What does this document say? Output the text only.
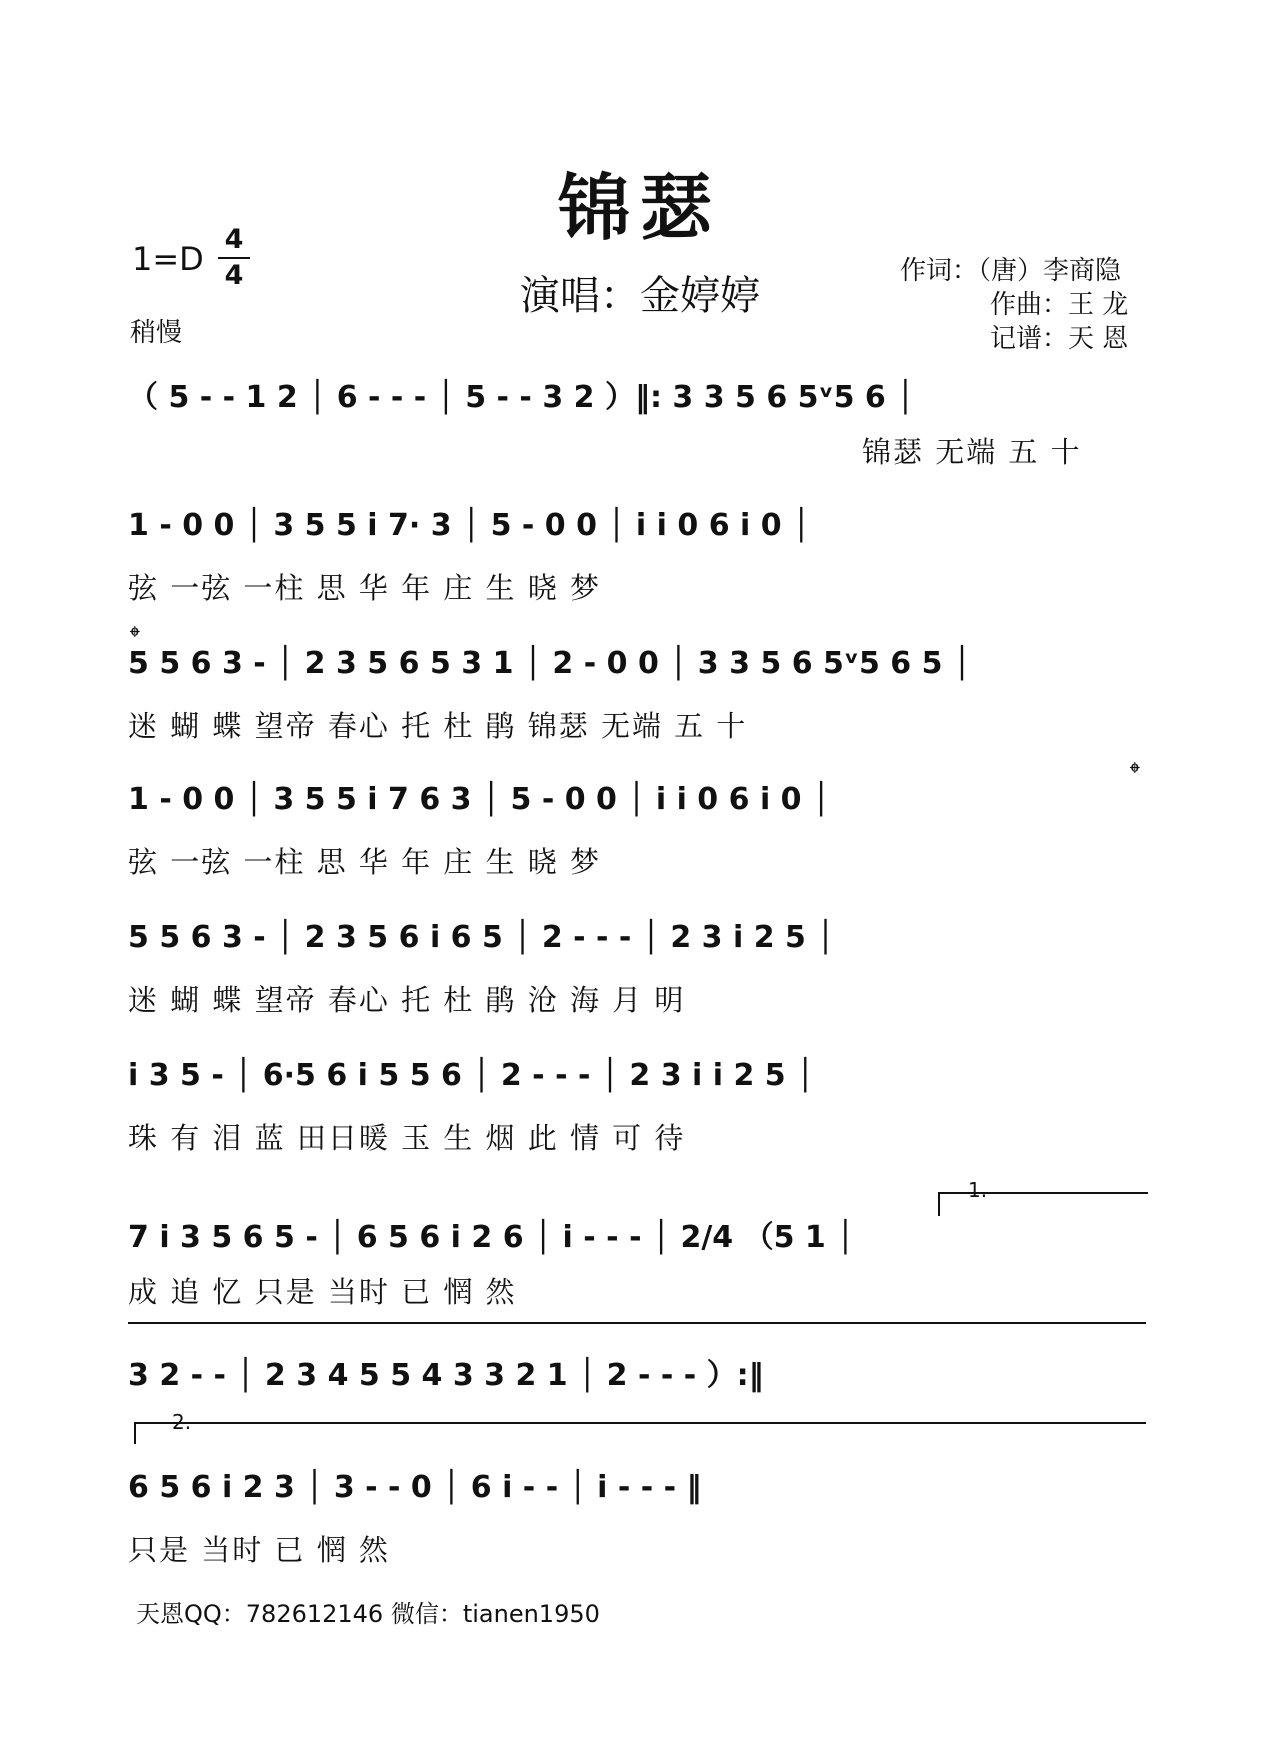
锦瑟
$1=D \frac{4}{4}$
稍慢
演唱：金婷婷
作词：（唐）李商隐
作曲：王 龙
记谱：天 恩
（ 5 - - 1 2 │ 6 - - - │ 5 - - 3 2 ）‖: 3 3 5 6 5ᵛ5 6 │
锦瑟 无端 五 十
1 - 0 0 │ 3 5 5 i 7· 3 │ 5 - 0 0 │ i i 0 6 i 0 │
弦 一弦 一柱 思 华 年 庄 生 晓 梦
𝄌
5 5 6 3 - │ 2 3 5 6 5 3 1 │ 2 - 0 0 │ 3 3 5 6 5ᵛ5 6 5 │
迷 蝴 蝶 望帝 春心 托 杜 鹃 锦瑟 无端 五 十
𝄌
1 - 0 0 │ 3 5 5 i 7 6 3 │ 5 - 0 0 │ i i 0 6 i 0 │
弦 一弦 一柱 思 华 年 庄 生 晓 梦
5 5 6 3 - │ 2 3 5 6 i 6 5 │ 2 - - - │ 2 3 i 2 5 │
迷 蝴 蝶 望帝 春心 托 杜 鹃 沧 海 月 明
i 3 5 - │ 6·5 6 i 5 5 6 │ 2 - - - │ 2 3 i i 2 5 │
珠 有 泪 蓝 田日暖 玉 生 烟 此 情 可 待
1.
7 i 3 5 6 5 - │ 6 5 6 i 2 6 │ i - - - │ 2/4 （5 1 │
成 追 忆 只是 当时 已 惘 然
3 2 - - │ 2 3 4 5 5 4 3 3 2 1 │ 2 - - - ）:‖
2.
6 5 6 i 2 3 │ 3 - - 0 │ 6 i - - │ i - - - ‖
只是 当时 已 惘 然
天恩QQ：782612146 微信：tianen1950
